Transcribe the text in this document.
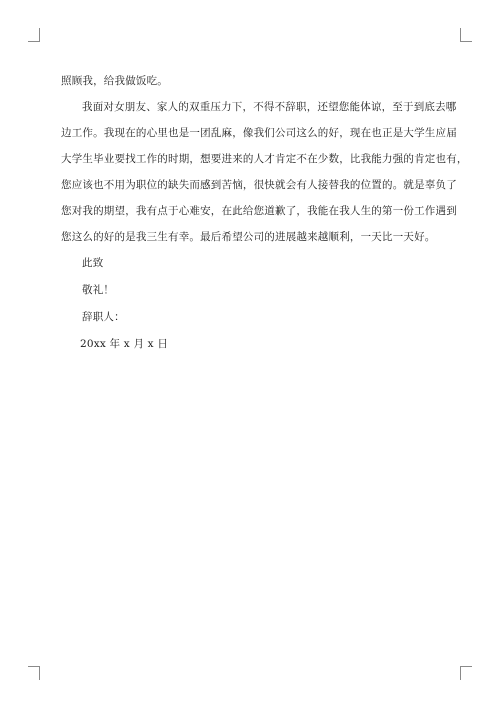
照顾我，给我做饭吃。
我面对女朋友、家人的双重压力下，不得不辞职，还望您能体谅，至于到底去哪
边工作。我现在的心里也是一团乱麻，像我们公司这么的好，现在也正是大学生应届
大学生毕业要找工作的时期，想要进来的人才肯定不在少数，比我能力强的肯定也有，
您应该也不用为职位的缺失而感到苦恼，很快就会有人接替我的位置的。就是辜负了
您对我的期望，我有点于心难安，在此给您道歉了，我能在我人生的第一份工作遇到
您这么的好的是我三生有幸。最后希望公司的进展越来越顺利，一天比一天好。
此致
敬礼！
辞职人：
20xx 年 x 月 x 日
